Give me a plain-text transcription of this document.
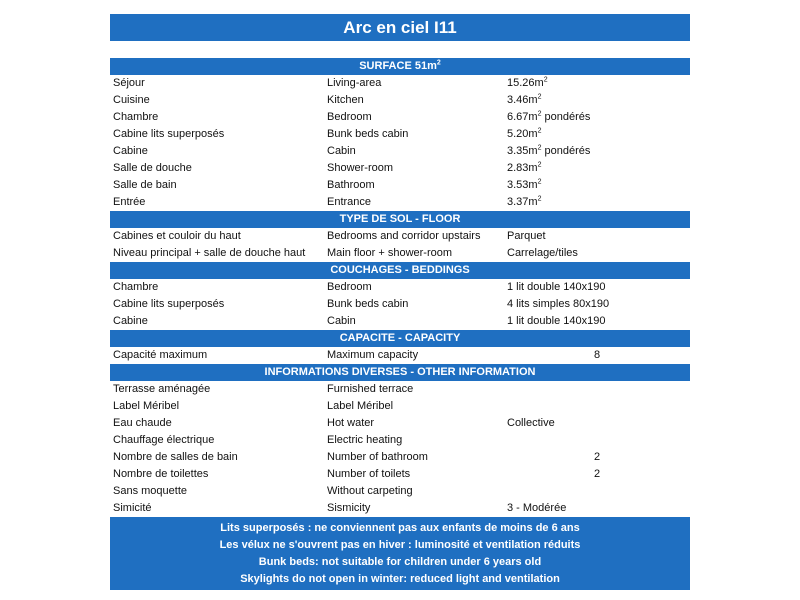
Arc en ciel I11
SURFACE $51m^2$
Séjour	Living-area	$15.26m^2$
Cuisine	Kitchen	$3.46m^2$
Chambre	Bedroom	$6.67m^2$ pondérés
Cabine lits superposés	Bunk beds cabin	$5.20m^2$
Cabine	Cabin	$3.35m^2$ pondérés
Salle de douche	Shower-room	$2.83m^2$
Salle de bain	Bathroom	$3.53m^2$
Entrée	Entrance	$3.37m^2$
TYPE DE SOL - FLOOR
Cabines et couloir du haut	Bedrooms and corridor upstairs	Parquet
Niveau principal + salle de douche haut	Main floor + shower-room	Carrelage/tiles
COUCHAGES - BEDDINGS
Chambre	Bedroom	1 lit double 140x190
Cabine lits superposés	Bunk beds cabin	4 lits simples 80x190
Cabine	Cabin	1 lit double 140x190
CAPACITE - CAPACITY
Capacité maximum	Maximum capacity	8
INFORMATIONS DIVERSES - OTHER INFORMATION
Terrasse aménagée	Furnished terrace
Label Méribel	Label Méribel
Eau chaude	Hot water	Collective
Chauffage électrique	Electric heating
Nombre de salles de bain	Number of bathroom	2
Nombre de toilettes	Number of toilets	2
Sans moquette	Without carpeting
Simicité	Sismicity	3 - Modérée
Lits superposés : ne conviennent pas aux enfants de moins de 6 ans
Les vélux ne s'ouvrent pas en hiver : luminosité et ventilation réduits
Bunk beds: not suitable for children under 6 years old
Skylights do not open in winter: reduced light and ventilation
